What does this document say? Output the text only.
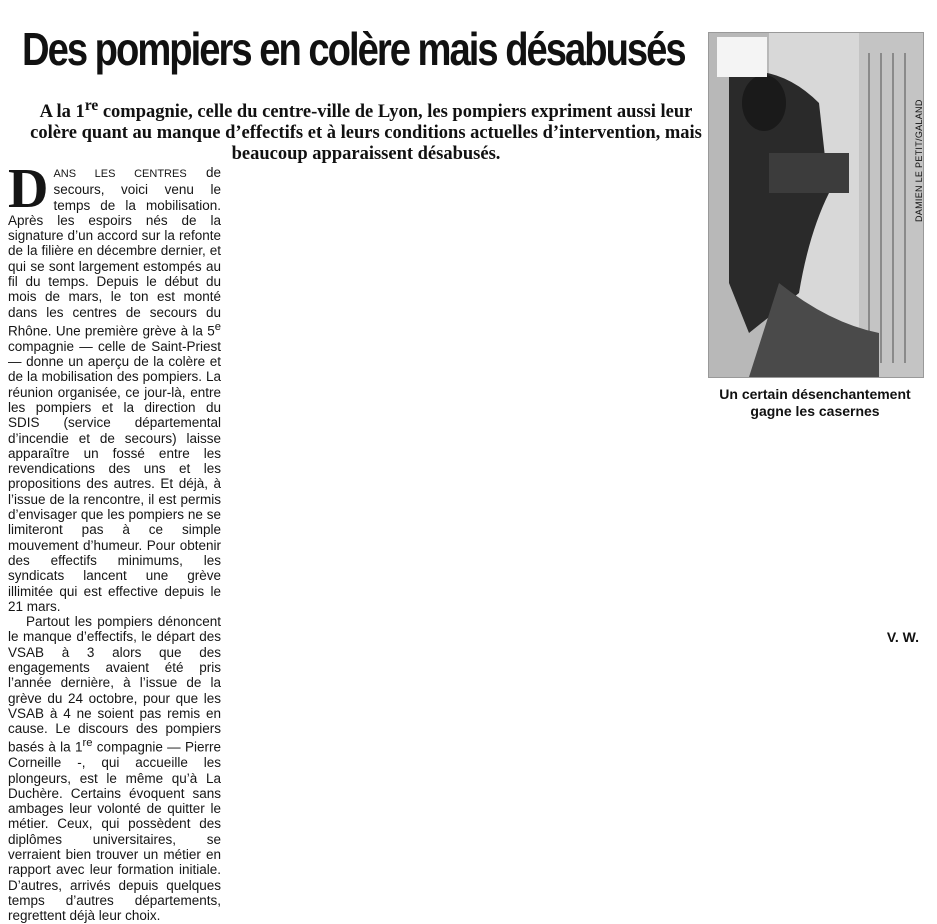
Des pompiers en colère mais désabusés

A la 1re compagnie, celle du centre-ville de Lyon, les pompiers expriment aussi leur colère quant au manque d’effectifs et à leurs conditions actuelles d’intervention, mais beaucoup apparaissent désabusés.

DANS LES CENTRES de secours, voici venu le temps de la mobilisation. Après les espoirs nés de la signature d’un accord sur la refonte de la filière en décembre dernier, et qui se sont largement estompés au fil du temps. Depuis le début du mois de mars, le ton est monté dans les centres de secours du Rhône. Une première grève à la 5e compagnie — celle de Saint-Priest — donne un aperçu de la colère et de la mobilisation des pompiers. La réunion organisée, ce jour-là, entre les pompiers et la direction du SDIS (service départemental d’incendie et de secours) laisse apparaître un fossé entre les revendications des uns et les propositions des autres. Et déjà, à l’issue de la rencontre, il est permis d’envisager que les pompiers ne se limiteront pas à ce simple mouvement d’humeur. Pour obtenir des effectifs minimums, les syndicats lancent une grève illimitée qui est effective depuis le 21 mars.

Partout les pompiers dénoncent le manque d’effectifs, le départ des VSAB à 3 alors que des engagements avaient été pris l’année dernière, à l’issue de la grève du 24 octobre, pour que les VSAB à 4 ne soient pas remis en cause. Le discours des pompiers basés à la 1re compagnie — Pierre Corneille -, qui accueille les plongeurs, est le même qu’à La Duchère. Certains évoquent sans ambages leur volonté de quitter le métier. Ceux, qui possèdent des diplômes universitaires, se verraient bien trouver un métier en rapport avec leur formation initiale. D’autres, arrivés depuis quelques temps d’autres départements, regrettent déjà leur choix.

DAMIEN LE PETIT/GALAND
Un certain désenchantement gagne les casernes
V. W.
